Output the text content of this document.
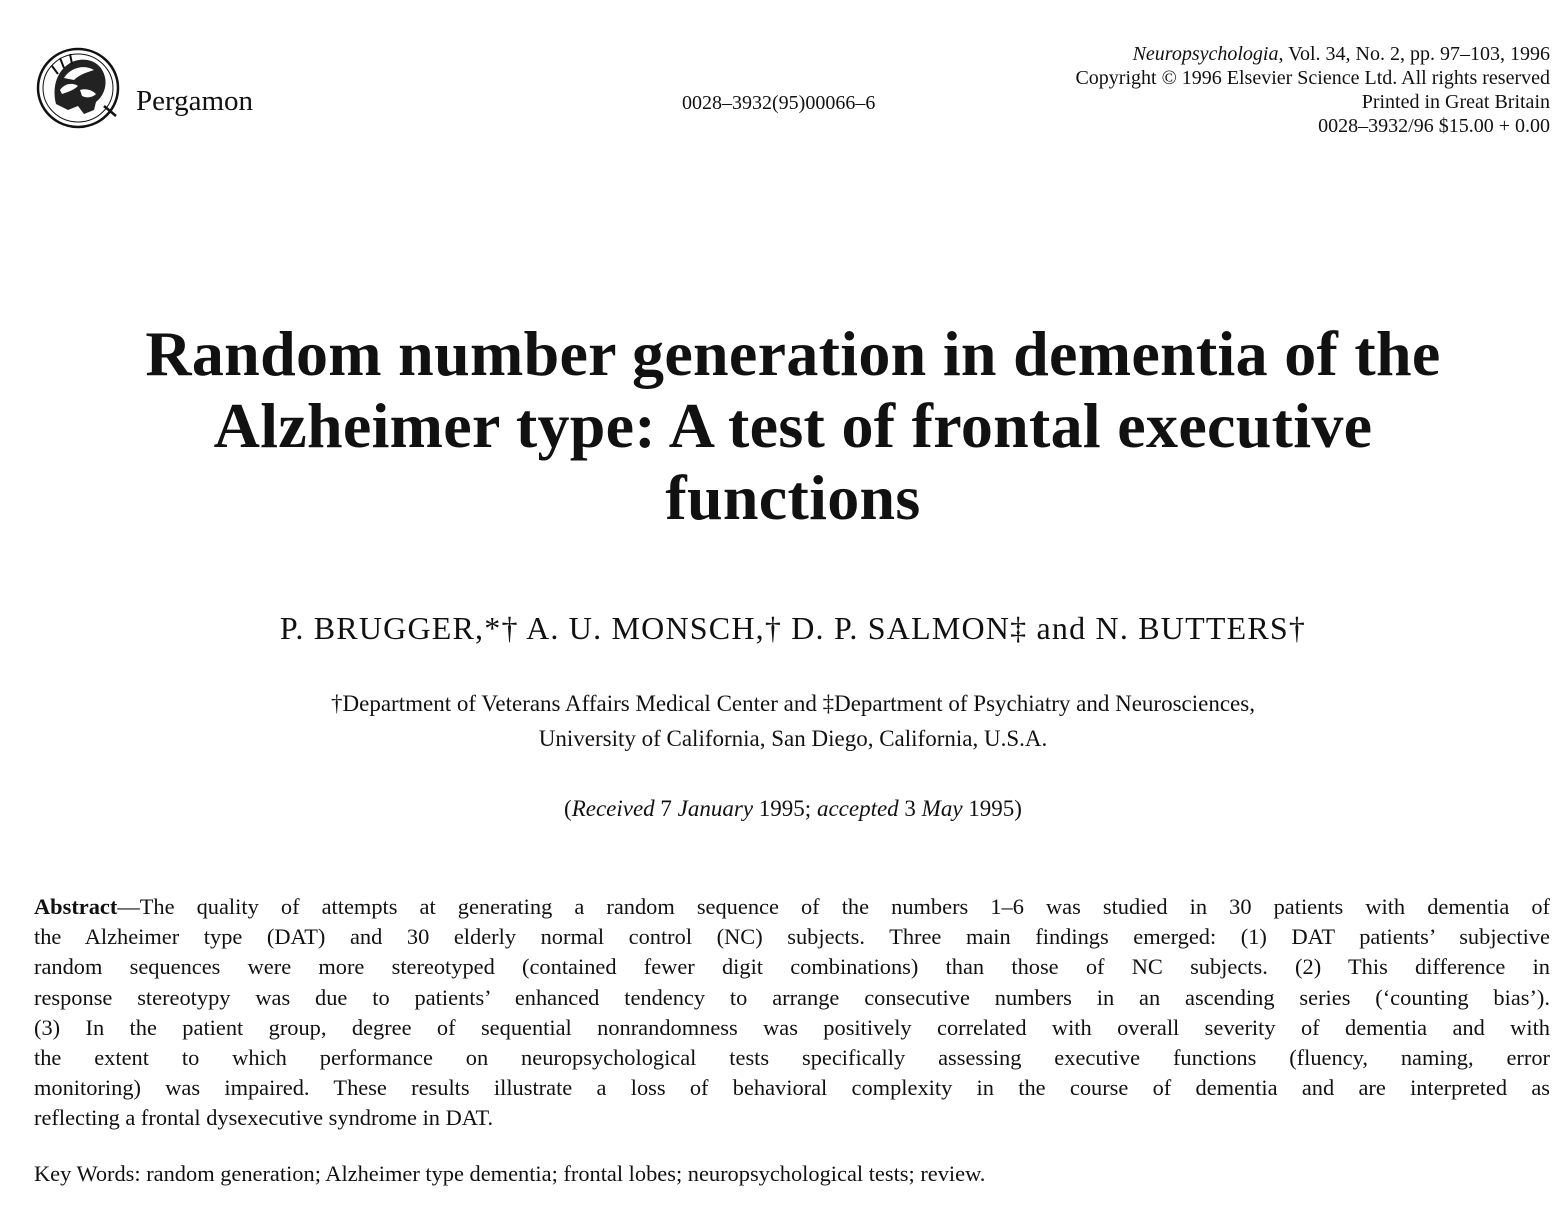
Pergamon	0028–3932(95)00066–6
Neuropsychologia, Vol. 34, No. 2, pp. 97–103, 1996
Copyright © 1996 Elsevier Science Ltd. All rights reserved
Printed in Great Britain
0028–3932/96 $15.00 + 0.00
Random number generation in dementia of the
Alzheimer type: A test of frontal executive
functions
P. BRUGGER,*† A. U. MONSCH,† D. P. SALMON‡ and N. BUTTERS†
†Department of Veterans Affairs Medical Center and ‡Department of Psychiatry and Neurosciences,
University of California, San Diego, California, U.S.A.
(Received 7 January 1995; accepted 3 May 1995)
Abstract—The quality of attempts at generating a random sequence of the numbers 1–6 was studied in 30 patients with dementia of
the Alzheimer type (DAT) and 30 elderly normal control (NC) subjects. Three main findings emerged: (1) DAT patients’ subjective
random sequences were more stereotyped (contained fewer digit combinations) than those of NC subjects. (2) This difference in
response stereotypy was due to patients’ enhanced tendency to arrange consecutive numbers in an ascending series (‘counting bias’).
(3) In the patient group, degree of sequential nonrandomness was positively correlated with overall severity of dementia and with
the extent to which performance on neuropsychological tests specifically assessing executive functions (fluency, naming, error
monitoring) was impaired. These results illustrate a loss of behavioral complexity in the course of dementia and are interpreted as
reflecting a frontal dysexecutive syndrome in DAT.
Key Words: random generation; Alzheimer type dementia; frontal lobes; neuropsychological tests; review.
